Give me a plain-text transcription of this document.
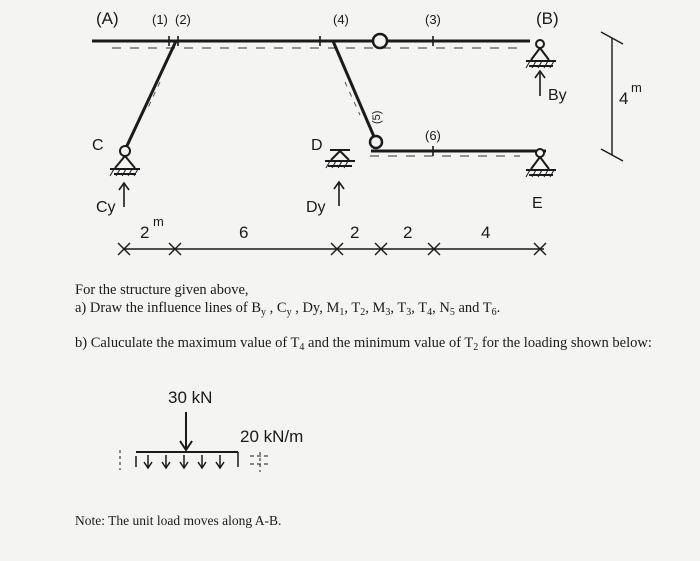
(A)	(1) (2)	(4)	(3)	(B)
(5)
(6)
C	D
E
Cy	Dy
By
2
m
6	2	2	4
4
m
30 kN
20 kN/m
For the structure given above,
a) Draw the influence lines of $B_y$ , $C_y$ , Dy, $M_1$, $T_2$, $M_3$, $T_3$, $T_4$, $N_5$ and $T_6$.
b) Caluculate the maximum value of $T_4$ and the minimum value of $T_2$ for the loading shown below:
Note: The unit load moves along A-B.
